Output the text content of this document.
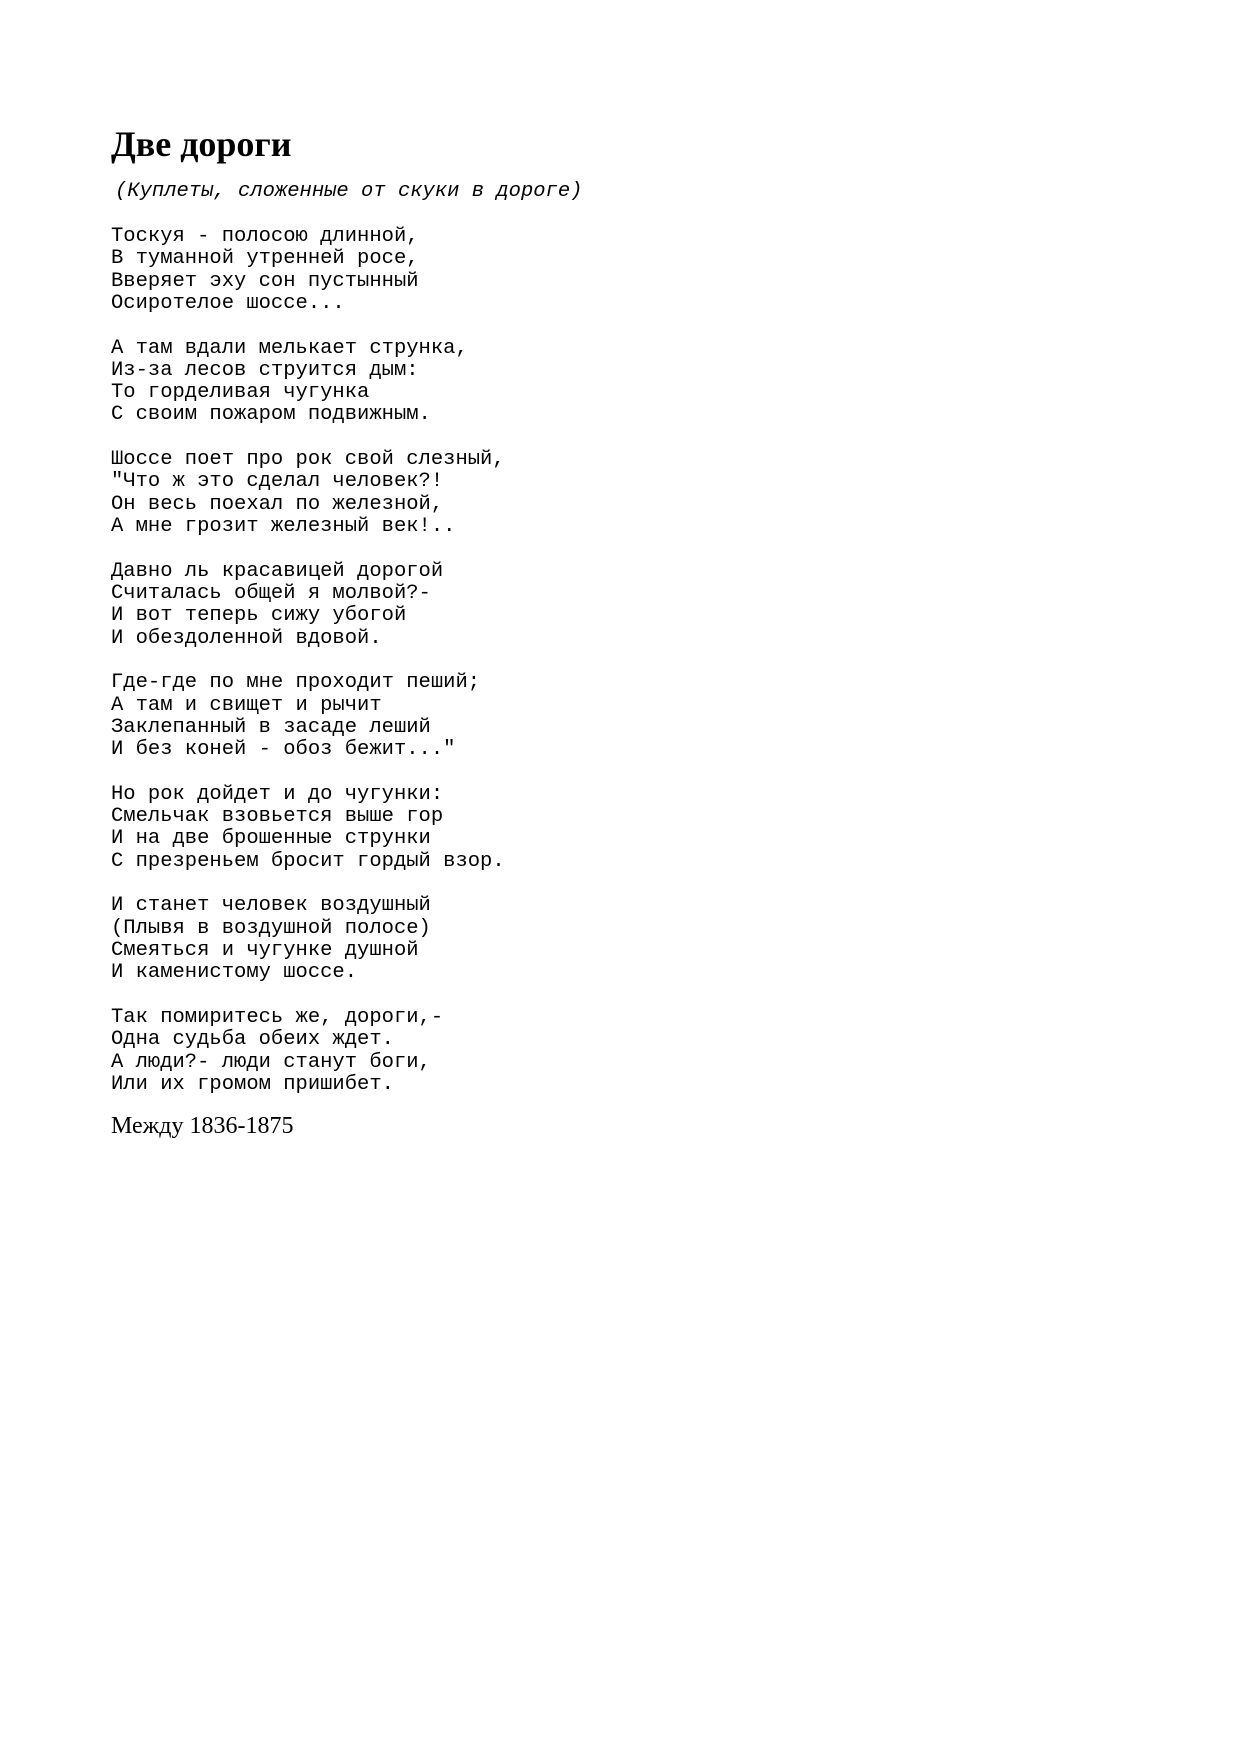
Две дороги

(Куплеты, сложенные от скуки в дороге)

Тоскуя - полосою длинной,
В туманной утренней росе,
Вверяет эху сон пустынный
Осиротелое шоссе...
А там вдали мелькает струнка,
Из-за лесов струится дым:
То горделивая чугунка
С своим пожаром подвижным.
Шоссе поет про рок свой слезный,
"Что ж это сделал человек?!
Он весь поехал по железной,
А мне грозит железный век!..
Давно ль красавицей дорогой
Считалась общей я молвой?-
И вот теперь сижу убогой
И обездоленной вдовой.
Где-где по мне проходит пеший;
А там и свищет и рычит
Заклепанный в засаде леший
И без коней - обоз бежит..."
Но рок дойдет и до чугунки:
Смельчак взовьется выше гор
И на две брошенные струнки
С презреньем бросит гордый взор.
И станет человек воздушный
(Плывя в воздушной полосе)
Смеяться и чугунке душной
И каменистому шоссе.
Так помиритесь же, дороги,-
Одна судьба обеих ждет.
А люди?- люди станут боги,
Или их громом пришибет.

Между 1836-1875
